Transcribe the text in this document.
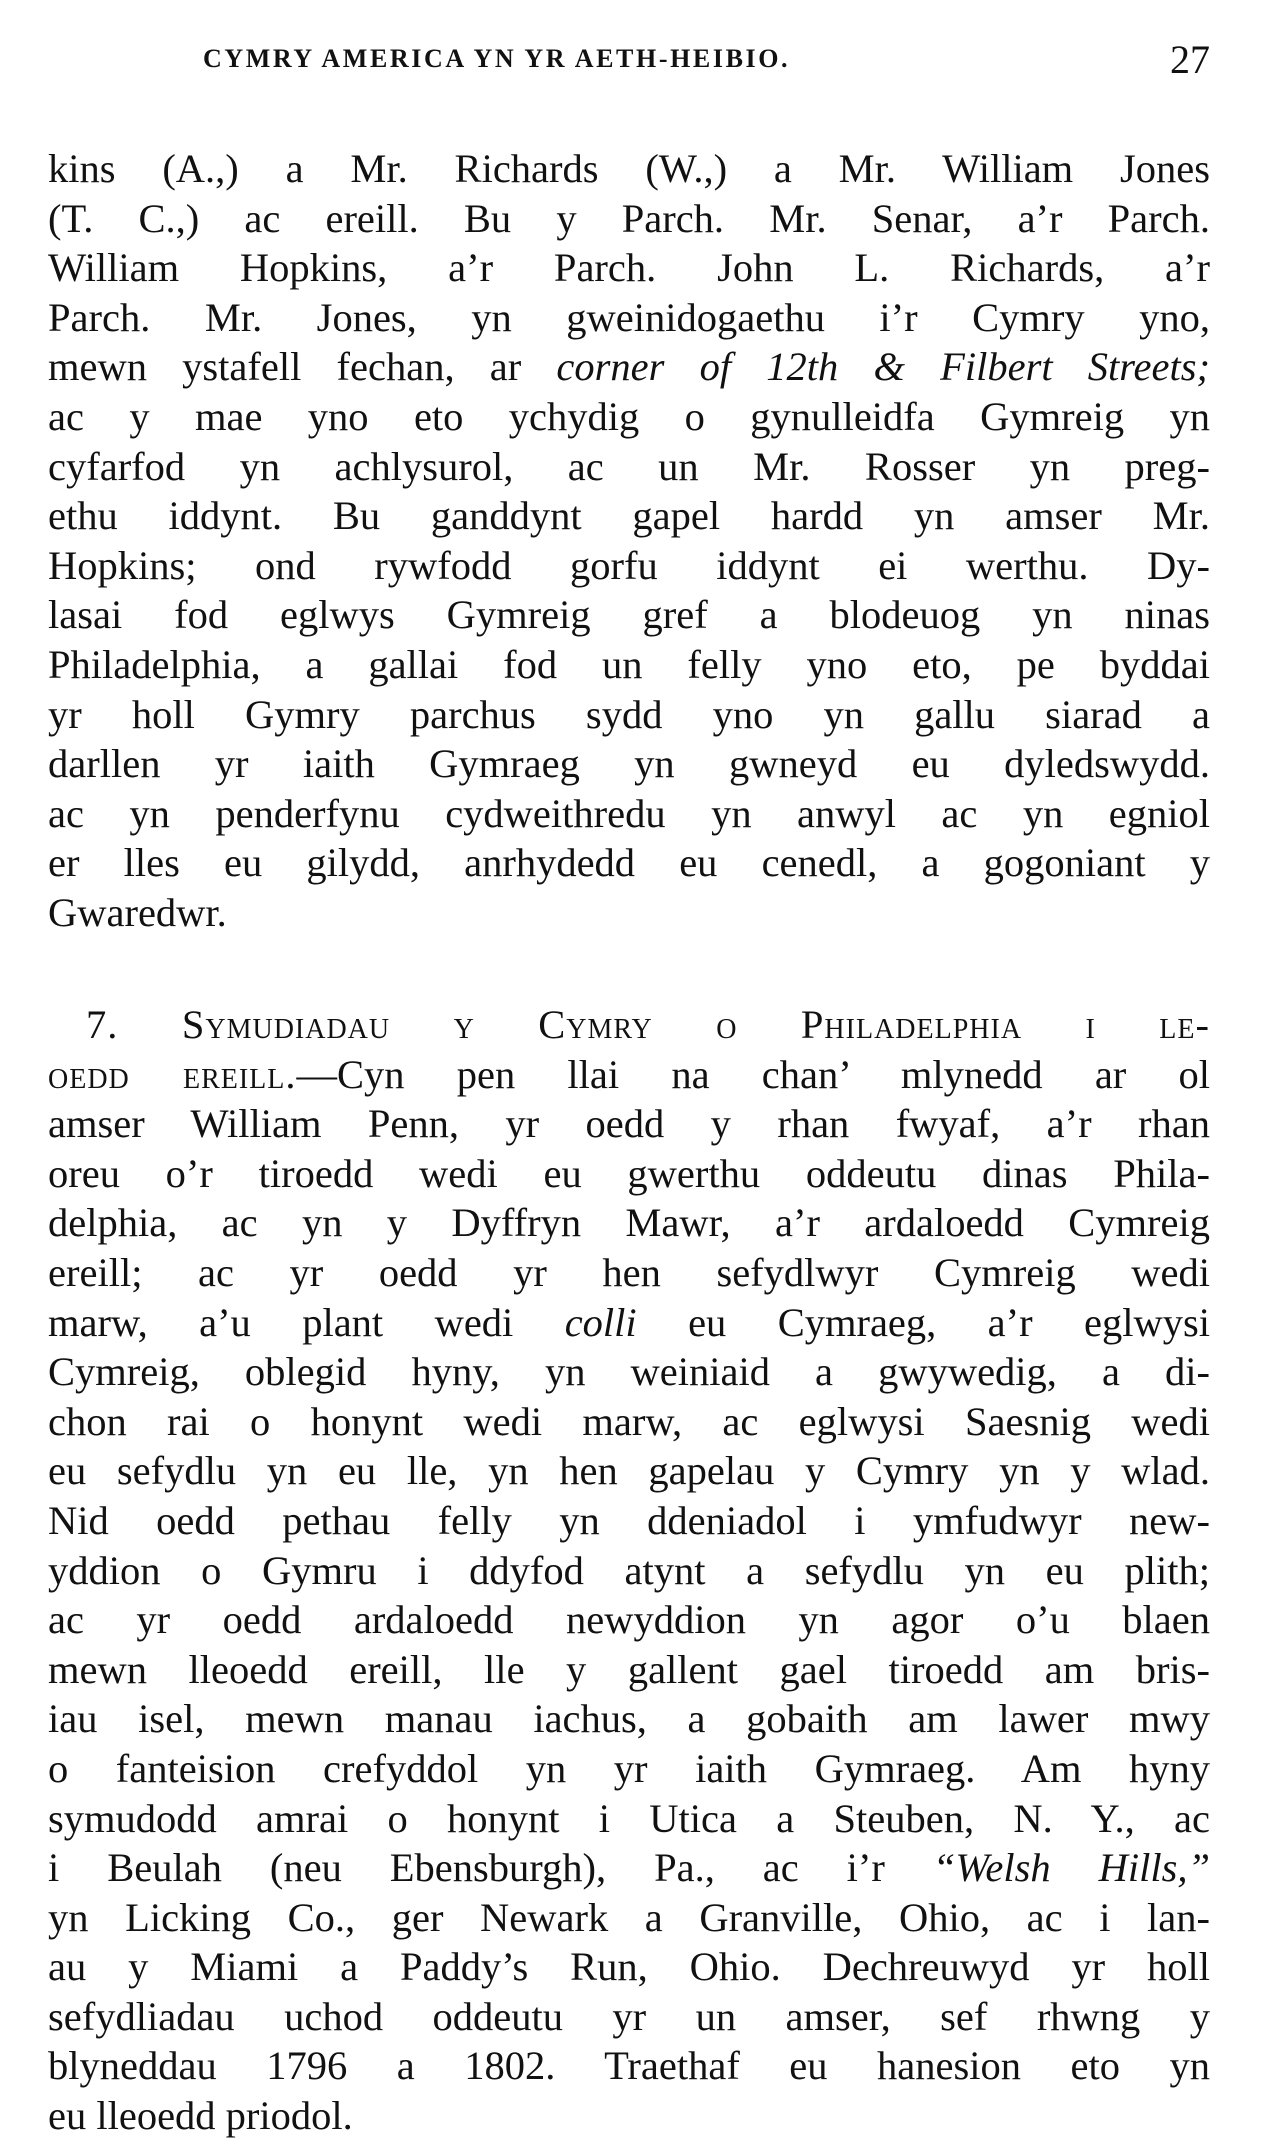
CYMRY AMERICA YN YR AETH-HEIBIO.	27
kins (A.,) a Mr. Richards (W.,) a Mr. William Jones
(T. C.,) ac ereill. Bu y Parch. Mr. Senar, a’r Parch.
William Hopkins, a’r Parch. John L. Richards, a’r
Parch. Mr. Jones, yn gweinidogaethu i’r Cymry yno,
mewn ystafell fechan, ar corner of 12th & Filbert Streets;
ac y mae yno eto ychydig o gynulleidfa Gymreig yn
cyfarfod yn achlysurol, ac un Mr. Rosser yn preg-
ethu iddynt. Bu ganddynt gapel hardd yn amser Mr.
Hopkins; ond rywfodd gorfu iddynt ei werthu. Dy-
lasai fod eglwys Gymreig gref a blodeuog yn ninas
Philadelphia, a gallai fod un felly yno eto, pe byddai
yr holl Gymry parchus sydd yno yn gallu siarad a
darllen yr iaith Gymraeg yn gwneyd eu dyledswydd.
ac yn penderfynu cydweithredu yn anwyl ac yn egniol
er lles eu gilydd, anrhydedd eu cenedl, a gogoniant y
Gwaredwr.
7. Symudiadau y Cymry o Philadelphia i le-
oedd ereill.—Cyn pen llai na chan’ mlynedd ar ol
amser William Penn, yr oedd y rhan fwyaf, a’r rhan
oreu o’r tiroedd wedi eu gwerthu oddeutu dinas Phila-
delphia, ac yn y Dyffryn Mawr, a’r ardaloedd Cymreig
ereill; ac yr oedd yr hen sefydlwyr Cymreig wedi
marw, a’u plant wedi colli eu Cymraeg, a’r eglwysi
Cymreig, oblegid hyny, yn weiniaid a gwywedig, a di-
chon rai o honynt wedi marw, ac eglwysi Saesnig wedi
eu sefydlu yn eu lle, yn hen gapelau y Cymry yn y wlad.
Nid oedd pethau felly yn ddeniadol i ymfudwyr new-
yddion o Gymru i ddyfod atynt a sefydlu yn eu plith;
ac yr oedd ardaloedd newyddion yn agor o’u blaen
mewn lleoedd ereill, lle y gallent gael tiroedd am bris-
iau isel, mewn manau iachus, a gobaith am lawer mwy
o fanteision crefyddol yn yr iaith Gymraeg. Am hyny
symudodd amrai o honynt i Utica a Steuben, N. Y., ac
i Beulah (neu Ebensburgh), Pa., ac i’r “Welsh Hills,”
yn Licking Co., ger Newark a Granville, Ohio, ac i lan-
au y Miami a Paddy’s Run, Ohio. Dechreuwyd yr holl
sefydliadau uchod oddeutu yr un amser, sef rhwng y
blyneddau 1796 a 1802. Traethaf eu hanesion eto yn
eu lleoedd priodol.
